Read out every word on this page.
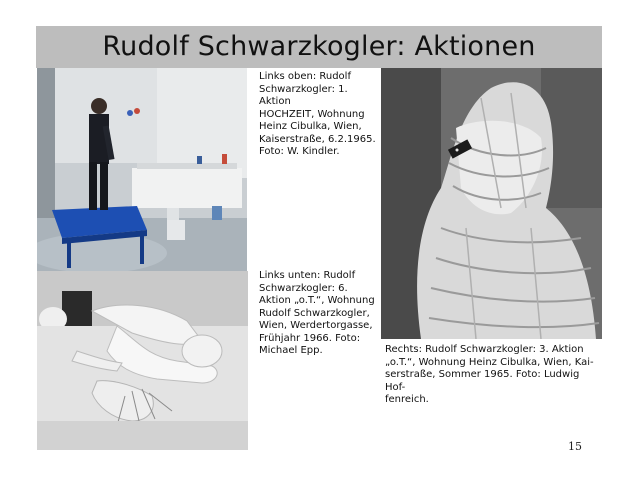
Rudolf Schwarzkogler: Aktionen
Links oben: Rudolf
Schwarzkogler: 1. Aktion
HOCHZEIT, Wohnung
Heinz Cibulka, Wien,
Kaiserstraße, 6.2.1965.
Foto: W. Kindler.
Links unten: Rudolf
Schwarzkogler: 6.
Aktion „o.T.“, Wohnung
Rudolf Schwarzkogler,
Wien, Werdertorgasse,
Frühjahr 1966. Foto:
Michael Epp.	Rechts: Rudolf Schwarzkogler: 3. Aktion
„o.T.“, Wohnung Heinz Cibulka, Wien, Kai-
serstraße, Sommer 1965. Foto: Ludwig Hof-
fenreich.
15
